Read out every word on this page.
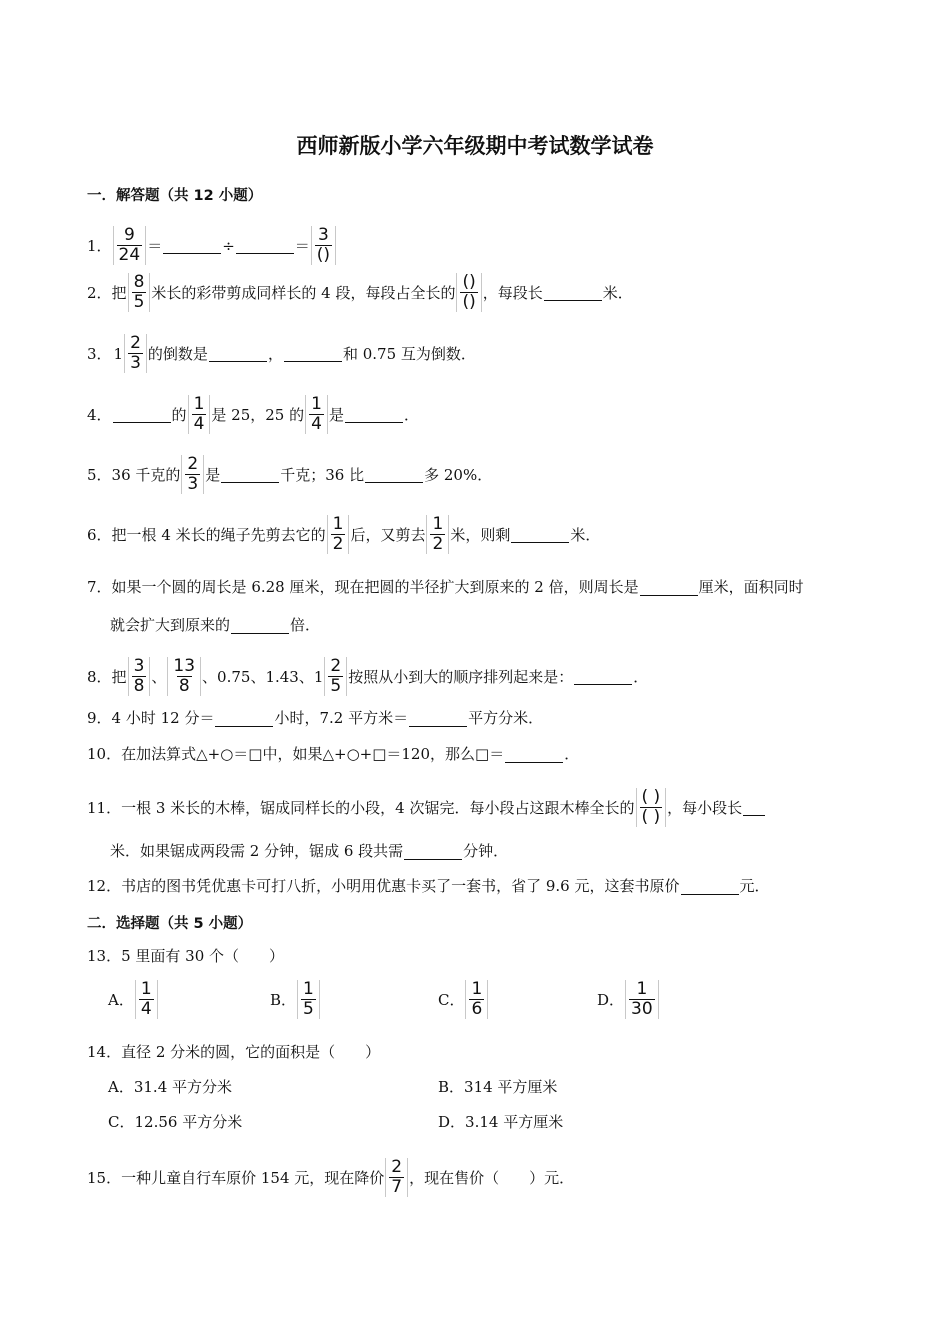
西师新版小学六年级期中考试数学试卷
一．解答题（共 12 小题）
1． $\frac{9}{24}$ ＝	÷	＝ $\frac{3}{()}$
2． 把 $\frac{8}{5}$ 米长的彩带剪成同样长的 4 段，每段占全长的 $\frac{()}{()}$ ，每段长	米．
3． $1 \frac{2}{3}$ 的倒数是	，	和 0.75 互为倒数．
4．	的 $\frac{1}{4}$ 是 25，25 的 $\frac{1}{4}$ 是	．
5． 36 千克的 $\frac{2}{3}$ 是	千克；36 比	多 20%．
6． 把一根 4 米长的绳子先剪去它的 $\frac{1}{2}$ 后，又剪去 $\frac{1}{2}$ 米，则剩	米．
7． 如果一个圆的周长是 6.28 厘米，现在把圆的半径扩大到原来的 2 倍，则周长是	厘米，面积同时
就会扩大到原来的	倍．
8． 把 $\frac{3}{8}$ 、 $\frac{13}{8}$ 、0.75、1.43、 $1 \frac{2}{5}$ 按照从小到大的顺序排列起来是：	．
9． 4 小时 12 分＝	小时，7.2 平方米＝	平方分米．
10． 在加法算式△+○＝□中，如果△+○+□＝120，那么□＝	．
11． 一根 3 米长的木棒，锯成同样长的小段，4 次锯完．每小段占这跟木棒全长的 $\frac{( )}{( )}$ ，每小段长
米．如果锯成两段需 2 分钟，锯成 6 段共需	分钟．
12． 书店的图书凭优惠卡可打八折，小明用优惠卡买了一套书，省了 9.6 元，这套书原价	元．
二．选择题（共 5 小题）
13． 5 里面有 30 个（　　）
A． $\frac{1}{4}$	B． $\frac{1}{5}$	C． $\frac{1}{6}$	D． $\frac{1}{30}$
14． 直径 2 分米的圆，它的面积是（　　）
A． 31.4 平方分米	B． 314 平方厘米
C． 12.56 平方分米	D． 3.14 平方厘米
15． 一种儿童自行车原价 154 元，现在降价 $\frac{2}{7}$ ，现在售价（　　）元．
